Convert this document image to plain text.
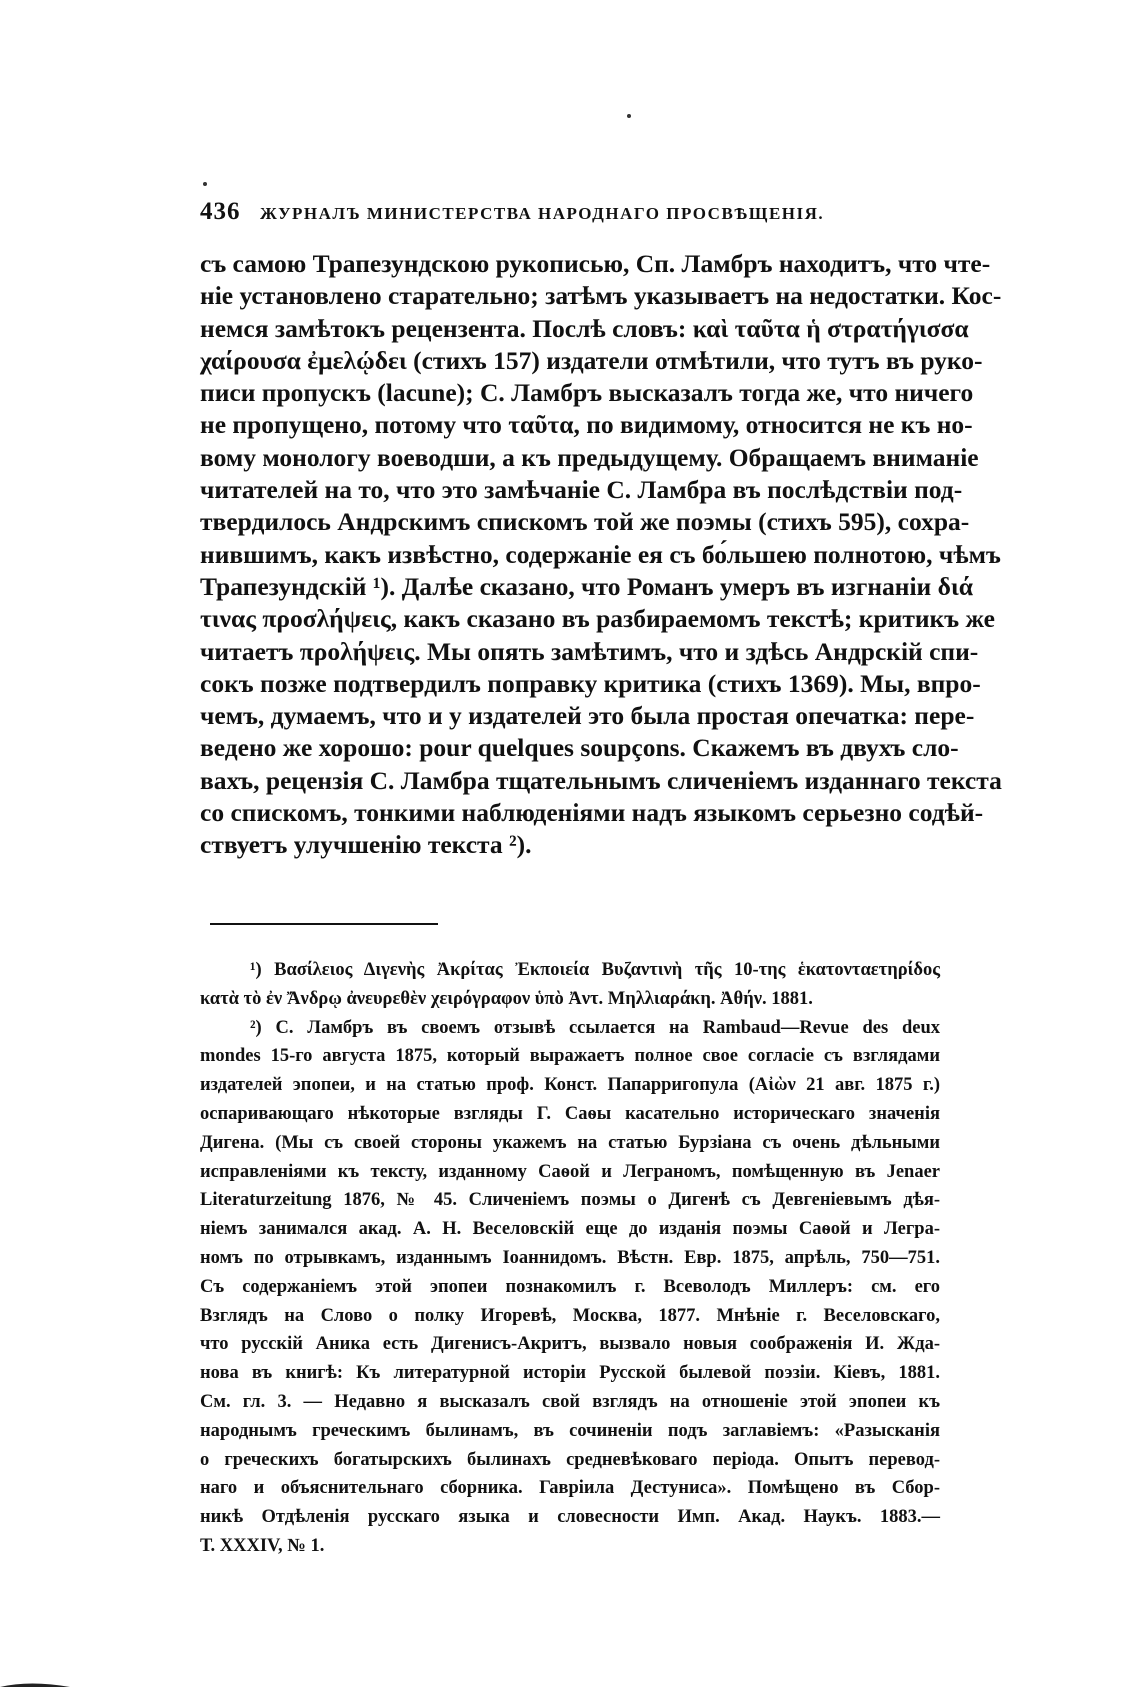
436 ЖУРНАЛЪ МИНИСТЕРСТВА НАРОДНАГО ПРОСВѢЩЕНІЯ.
съ самою Трапезундскою рукописью, Сп. Ламбръ находитъ, что чте-
ніе установлено старательно; затѣмъ указываетъ на недостатки. Кос-
немся замѣтокъ рецензента. Послѣ словъ: καὶ ταῦτα ἡ στρατήγισσα
χαίρουσα ἐμελῴδει (стихъ 157) издатели отмѣтили, что тутъ въ руко-
писи пропускъ (lacune); С. Ламбръ высказалъ тогда же, что ничего
не пропущено, потому что ταῦτα, по видимому, относится не къ но-
вому монологу воеводши, а къ предыдущему. Обращаемъ вниманіе
читателей на то, что это замѣчаніе С. Ламбра въ послѣдствіи под-
твердилось Андрскимъ спискомъ той же поэмы (стихъ 595), сохра-
нившимъ, какъ извѣстно, содержаніе ея съ бо́льшею полнотою, чѣмъ
Трапезундскій ¹). Далѣе сказано, что Романъ умеръ въ изгнаніи διά
τινας προσλήψεις, какъ сказано въ разбираемомъ текстѣ; критикъ же
читаетъ προλήψεις. Мы опять замѣтимъ, что и здѣсь Андрскій спи-
сокъ позже подтвердилъ поправку критика (стихъ 1369). Мы, впро-
чемъ, думаемъ, что и у издателей это была простая опечатка: пере-
ведено же хорошо: pour quelques soupçons. Скажемъ въ двухъ сло-
вахъ, рецензія С. Ламбра тщательнымъ сличеніемъ изданнаго текста
со спискомъ, тонкими наблюденіями надъ языкомъ серьезно содѣй-
ствуетъ улучшенію текста ²).
¹) Βασίλειος Διγενὴς Ἀκρίτας Ἐκποιεία Βυζαντινὴ τῆς 10-της ἑκατονταετηρίδος
κατὰ τὸ ἐν Ἄνδρῳ ἀνευρεθὲν χειρόγραφον ὑπὸ Ἀντ. Μηλλιαράκη. Ἀθήν. 1881.
²) С. Ламбръ въ своемъ отзывѣ ссылается на Rambaud—Revue des deux
mondes 15-го августа 1875, который выражаетъ полное свое согласіе съ взглядами
издателей эпопеи, и на статью проф. Конст. Папарригопула (Αἰὼν 21 авг. 1875 г.)
оспаривающаго нѣкоторые взгляды Г. Саѳы касательно историческаго значенія
Дигена. (Мы съ своей стороны укажемъ на статью Бурзіана съ очень дѣльными
исправленіями къ тексту, изданному Саѳой и Леграномъ, помѣщенную въ Jenaer
Literaturzeitung 1876, № 45. Сличеніемъ поэмы о Дигенѣ съ Девгеніевымъ дѣя-
ніемъ занимался акад. А. Н. Веселовскій еще до изданія поэмы Саѳой и Легра-
номъ по отрывкамъ, изданнымъ Іоаннидомъ. Вѣстн. Евр. 1875, апрѣль, 750—751.
Съ содержаніемъ этой эпопеи познакомилъ г. Всеволодъ Миллеръ: см. его
Взглядъ на Слово о полку Игоревѣ, Москва, 1877. Мнѣніе г. Веселовскаго,
что русскій Аника есть Дигенисъ-Акритъ, вызвало новыя соображенія И. Жда-
нова въ книгѣ: Къ литературной исторіи Русской былевой поэзіи. Кіевъ, 1881.
См. гл. 3. — Недавно я высказалъ свой взглядъ на отношеніе этой эпопеи къ
народнымъ греческимъ былинамъ, въ сочиненіи подъ заглавіемъ: «Разысканія
о греческихъ богатырскихъ былинахъ средневѣковаго періода. Опытъ перевод-
наго и объяснительнаго сборника. Гаврiила Дестуниса». Помѣщено въ Сбор-
никѣ Отдѣленія русскаго языка и словесности Имп. Акад. Наукъ. 1883.—
Т. XXXIV, № 1.
